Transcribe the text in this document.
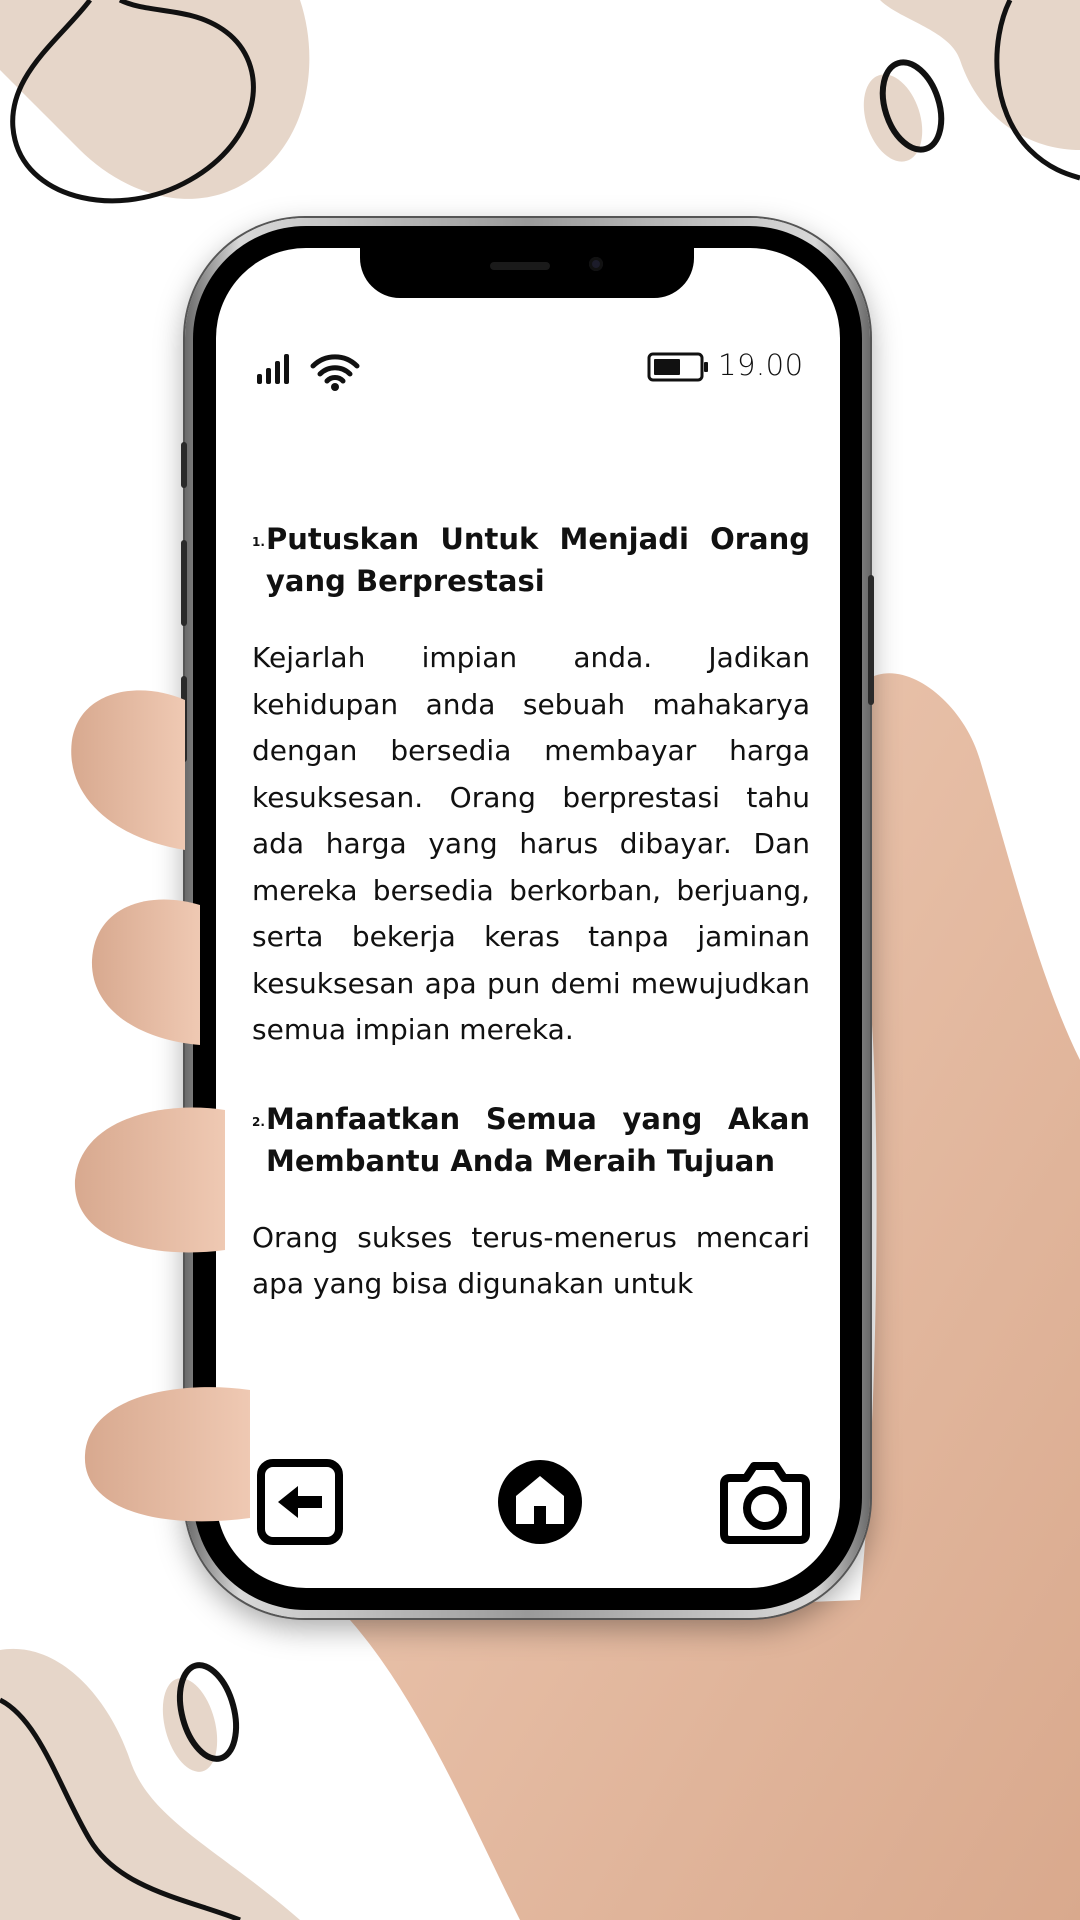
19.00
1. Putuskan Untuk Menjadi Orang yang Berprestasi

Kejarlah impian anda. Jadikan kehidupan anda sebuah mahakarya dengan bersedia membayar harga kesuksesan. Orang berprestasi tahu ada harga yang harus dibayar. Dan mereka bersedia berkorban, berjuang, serta bekerja keras tanpa jaminan kesuksesan apa pun demi mewujudkan semua impian mereka.

2. Manfaatkan Semua yang Akan Membantu Anda Meraih Tujuan

Orang sukses terus-menerus mencari apa yang bisa digunakan untuk
